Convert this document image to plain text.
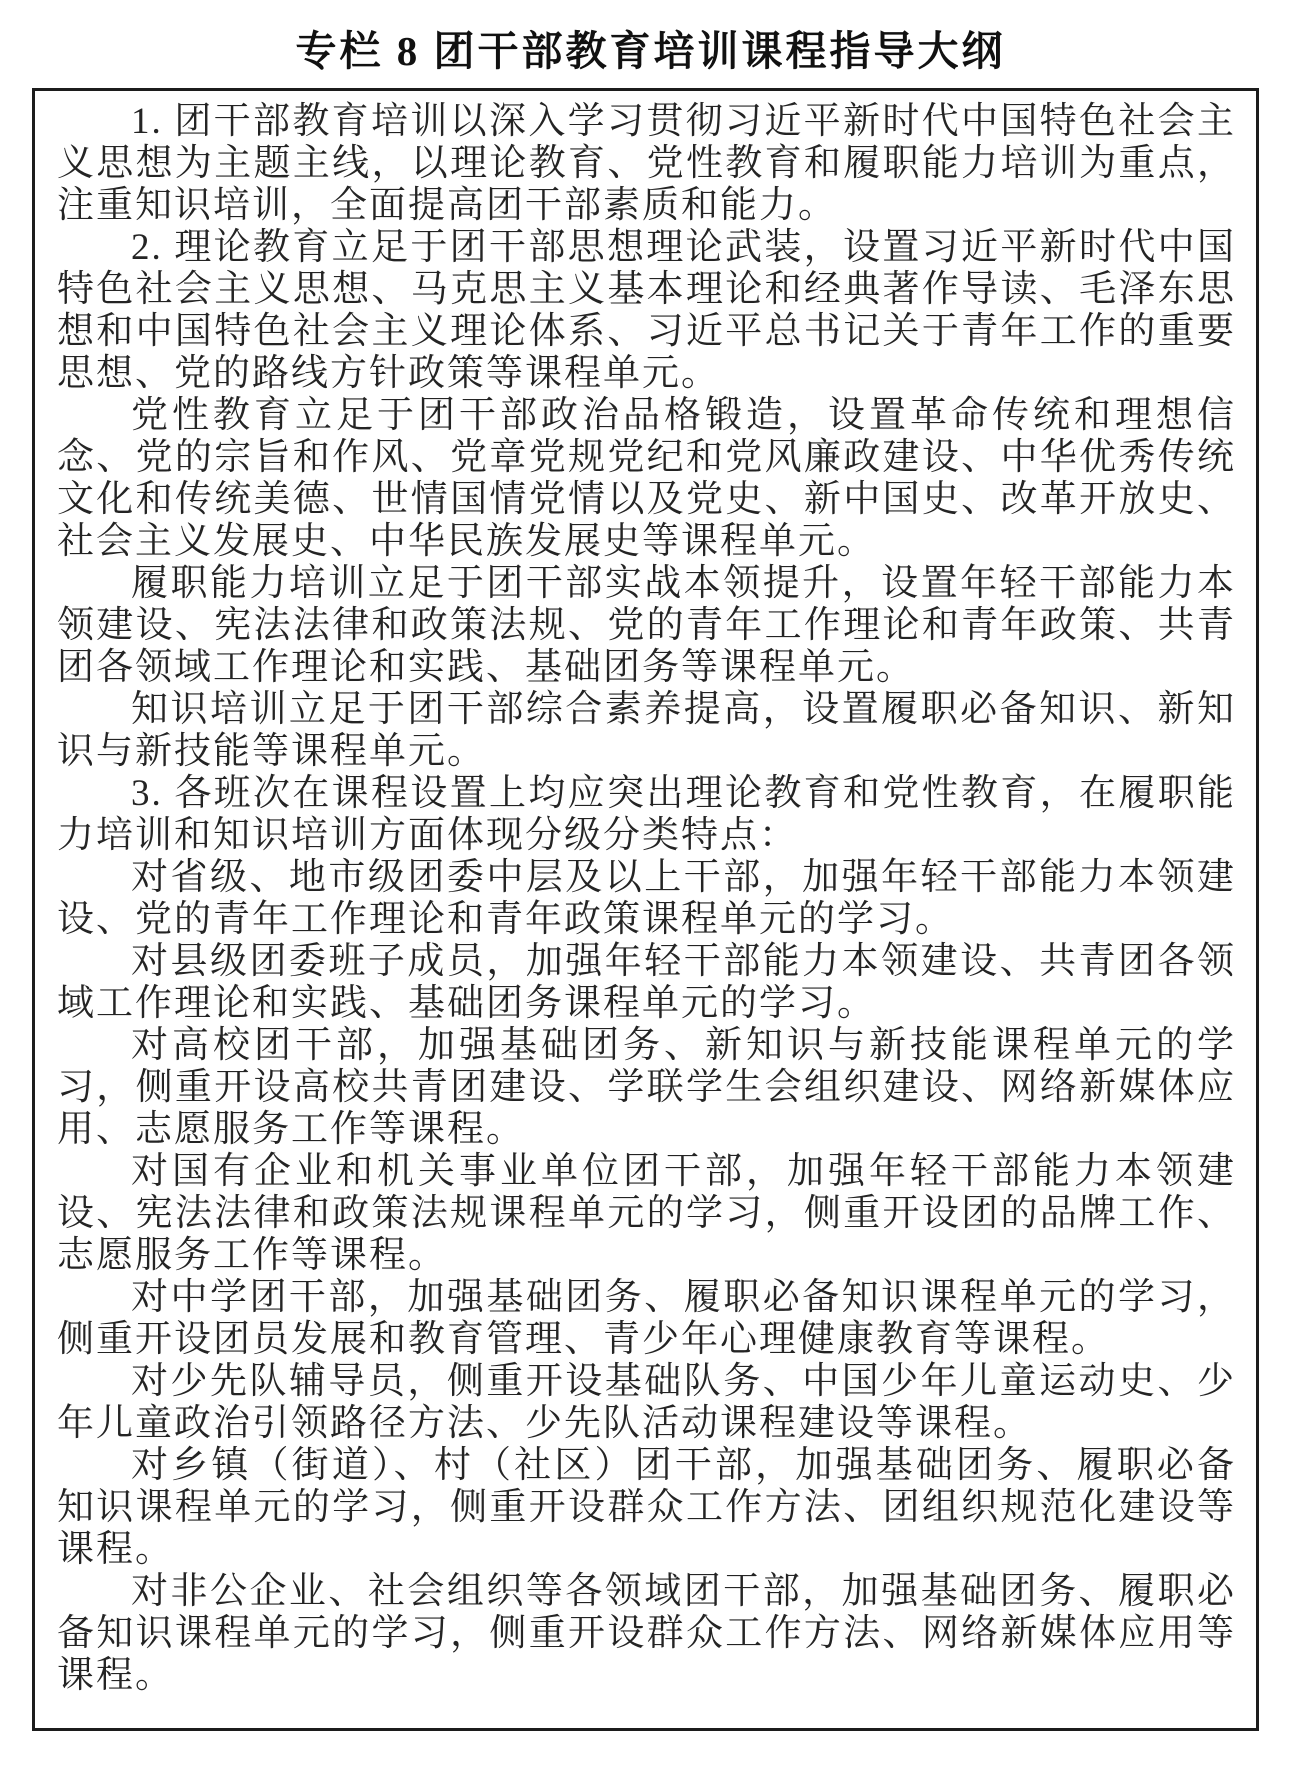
专栏 8 团干部教育培训课程指导大纲

1. 团干部教育培训以深入学习贯彻习近平新时代中国特色社会主义思想为主题主线，以理论教育、党性教育和履职能力培训为重点，注重知识培训，全面提高团干部素质和能力。

2. 理论教育立足于团干部思想理论武装，设置习近平新时代中国特色社会主义思想、马克思主义基本理论和经典著作导读、毛泽东思想和中国特色社会主义理论体系、习近平总书记关于青年工作的重要思想、党的路线方针政策等课程单元。

党性教育立足于团干部政治品格锻造，设置革命传统和理想信念、党的宗旨和作风、党章党规党纪和党风廉政建设、中华优秀传统文化和传统美德、世情国情党情以及党史、新中国史、改革开放史、社会主义发展史、中华民族发展史等课程单元。

履职能力培训立足于团干部实战本领提升，设置年轻干部能力本领建设、宪法法律和政策法规、党的青年工作理论和青年政策、共青团各领域工作理论和实践、基础团务等课程单元。

知识培训立足于团干部综合素养提高，设置履职必备知识、新知识与新技能等课程单元。

3. 各班次在课程设置上均应突出理论教育和党性教育，在履职能力培训和知识培训方面体现分级分类特点：

对省级、地市级团委中层及以上干部，加强年轻干部能力本领建设、党的青年工作理论和青年政策课程单元的学习。

对县级团委班子成员，加强年轻干部能力本领建设、共青团各领域工作理论和实践、基础团务课程单元的学习。

对高校团干部，加强基础团务、新知识与新技能课程单元的学习，侧重开设高校共青团建设、学联学生会组织建设、网络新媒体应用、志愿服务工作等课程。

对国有企业和机关事业单位团干部，加强年轻干部能力本领建设、宪法法律和政策法规课程单元的学习，侧重开设团的品牌工作、志愿服务工作等课程。

对中学团干部，加强基础团务、履职必备知识课程单元的学习，侧重开设团员发展和教育管理、青少年心理健康教育等课程。

对少先队辅导员，侧重开设基础队务、中国少年儿童运动史、少年儿童政治引领路径方法、少先队活动课程建设等课程。

对乡镇（街道）、村（社区）团干部，加强基础团务、履职必备知识课程单元的学习，侧重开设群众工作方法、团组织规范化建设等课程。

对非公企业、社会组织等各领域团干部，加强基础团务、履职必备知识课程单元的学习，侧重开设群众工作方法、网络新媒体应用等课程。
